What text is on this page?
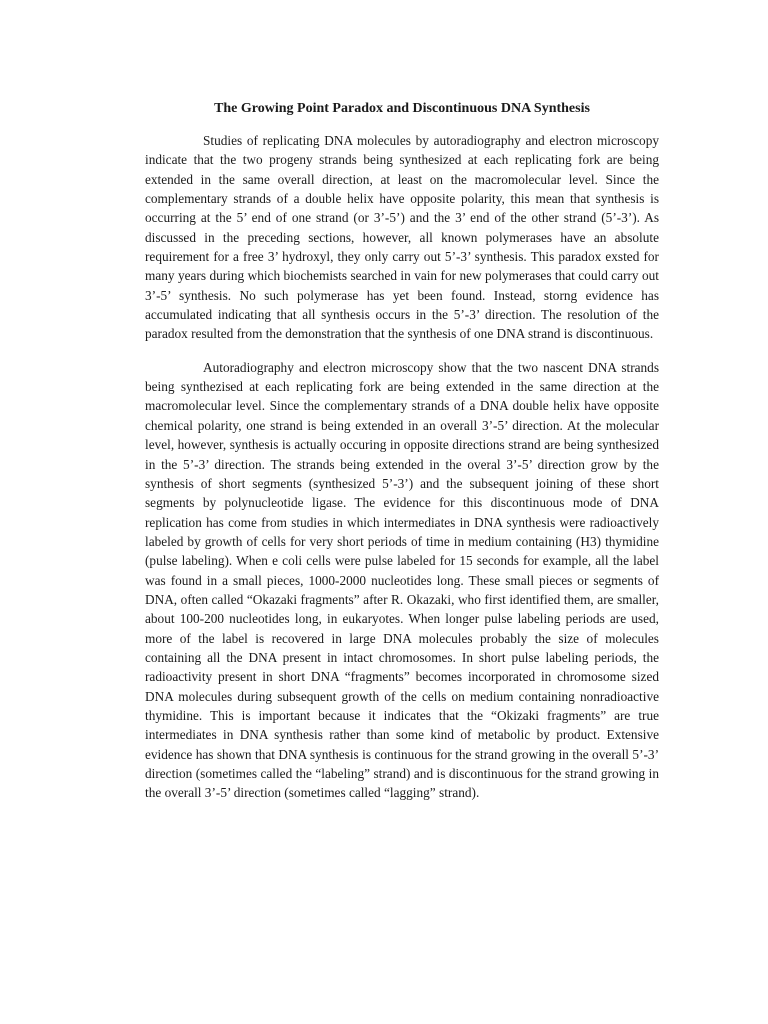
The Growing Point Paradox and Discontinuous DNA Synthesis

Studies of replicating DNA molecules by autoradiography and electron microscopy indicate that the two progeny strands being synthesized at each replicating fork are being extended in the same overall direction, at least on the macromolecular level. Since the complementary strands of a double helix have opposite polarity, this mean that synthesis is occurring at the 5’ end of one strand (or 3’-5’) and the 3’ end of the other strand (5’-3’). As discussed in the preceding sections, however, all known polymerases have an absolute requirement for a free 3’ hydroxyl, they only carry out 5’-3’ synthesis. This paradox exsted for many years during which biochemists searched in vain for new polymerases that could carry out 3’-5’ synthesis. No such polymerase has yet been found. Instead, storng evidence has accumulated indicating that all synthesis occurs in the 5’-3’ direction. The resolution of the paradox resulted from the demonstration that the synthesis of one DNA strand is discontinuous.

Autoradiography and electron microscopy show that the two nascent DNA strands being synthezised at each replicating fork are being extended in the same direction at the macromolecular level. Since the complementary strands of a DNA double helix have opposite chemical polarity, one strand is being extended in an overall 3’-5’ direction. At the molecular level, however, synthesis is actually occuring in opposite directions strand are being synthesized in the 5’-3’ direction. The strands being extended in the overal 3’-5’ direction grow by the synthesis of short segments (synthesized 5’-3’) and the subsequent joining of these short segments by polynucleotide ligase. The evidence for this discontinuous mode of DNA replication has come from studies in which intermediates in DNA synthesis were radioactively labeled by growth of cells for very short periods of time in medium containing (H3) thymidine (pulse labeling). When e coli cells were pulse labeled for 15 seconds for example, all the label was found in a small pieces, 1000-2000 nucleotides long. These small pieces or segments of DNA, often called “Okazaki fragments” after R. Okazaki, who first identified them, are smaller, about 100-200 nucleotides long, in eukaryotes. When longer pulse labeling periods are used, more of the label is recovered in large DNA molecules probably the size of molecules containing all the DNA present in intact chromosomes. In short pulse labeling periods, the radioactivity present in short DNA “fragments” becomes incorporated in chromosome sized DNA molecules during subsequent growth of the cells on medium containing nonradioactive thymidine. This is important because it indicates that the “Okizaki fragments” are true intermediates in DNA synthesis rather than some kind of metabolic by product. Extensive evidence has shown that DNA synthesis is continuous for the strand growing in the overall 5’-3’ direction (sometimes called the “labeling” strand) and is discontinuous for the strand growing in the overall 3’-5’ direction (sometimes called “lagging” strand).
